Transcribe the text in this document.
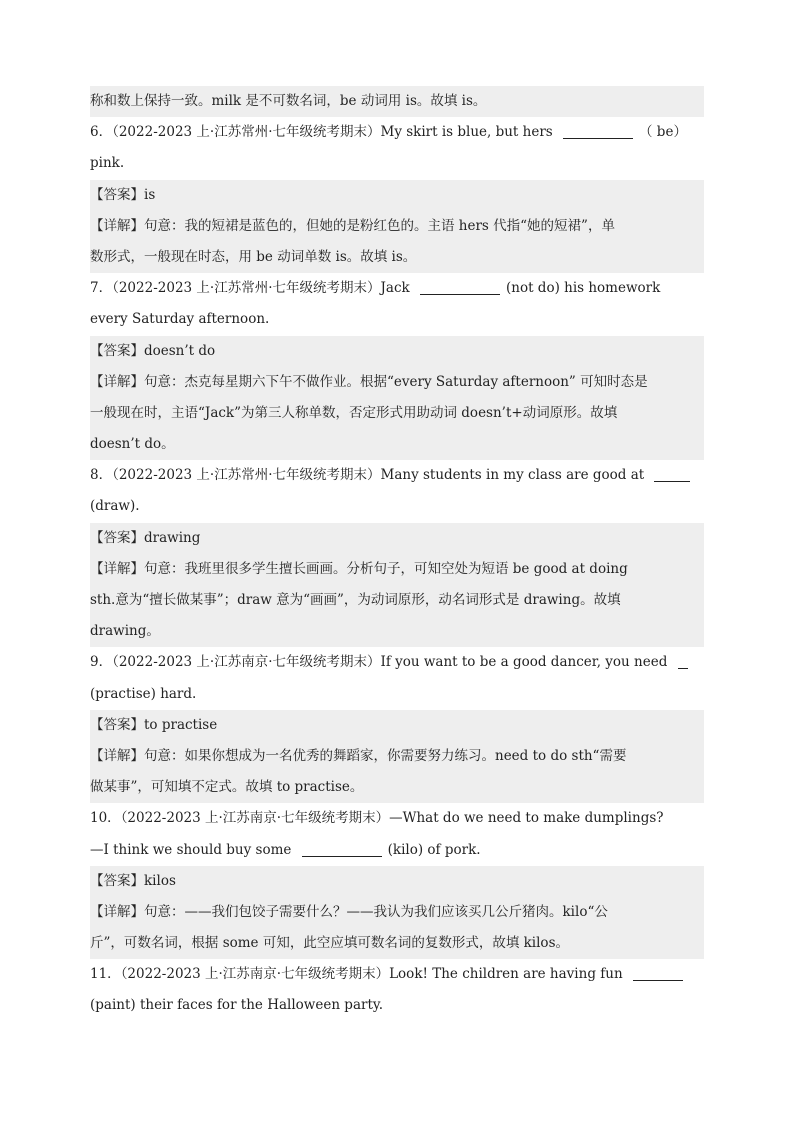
称和数上保持一致。milk 是不可数名词，be 动词用 is。故填 is。
6．（2022-2023 上·江苏常州·七年级统考期末）My skirt is blue, but hers	（ be）
pink.
【答案】is
【详解】句意：我的短裙是蓝色的，但她的是粉红色的。主语 hers 代指“她的短裙”，单
数形式，一般现在时态，用 be 动词单数 is。故填 is。
7．（2022-2023 上·江苏常州·七年级统考期末）Jack	(not do) his homework
every Saturday afternoon.
【答案】doesn’t do
【详解】句意：杰克每星期六下午不做作业。根据“every Saturday afternoon” 可知时态是
一般现在时，主语“Jack”为第三人称单数，否定形式用助动词 doesn’t+动词原形。故填
doesn’t do。
8．（2022-2023 上·江苏常州·七年级统考期末）Many students in my class are good at
(draw).
【答案】drawing
【详解】句意：我班里很多学生擅长画画。分析句子，可知空处为短语 be good at doing
sth.意为“擅长做某事”；draw 意为“画画”，为动词原形，动名词形式是 drawing。故填
drawing。
9．（2022-2023 上·江苏南京·七年级统考期末）If you want to be a good dancer, you need
(practise) hard.
【答案】to practise
【详解】句意：如果你想成为一名优秀的舞蹈家，你需要努力练习。need to do sth“需要
做某事”，可知填不定式。故填 to practise。
10．（2022-2023 上·江苏南京·七年级统考期末）—What do we need to make dumplings?
—I think we should buy some	(kilo) of pork.
【答案】kilos
【详解】句意：——我们包饺子需要什么？——我认为我们应该买几公斤猪肉。kilo“公
斤”，可数名词，根据 some 可知，此空应填可数名词的复数形式，故填 kilos。
11．（2022-2023 上·江苏南京·七年级统考期末）Look! The children are having fun
(paint) their faces for the Halloween party.
